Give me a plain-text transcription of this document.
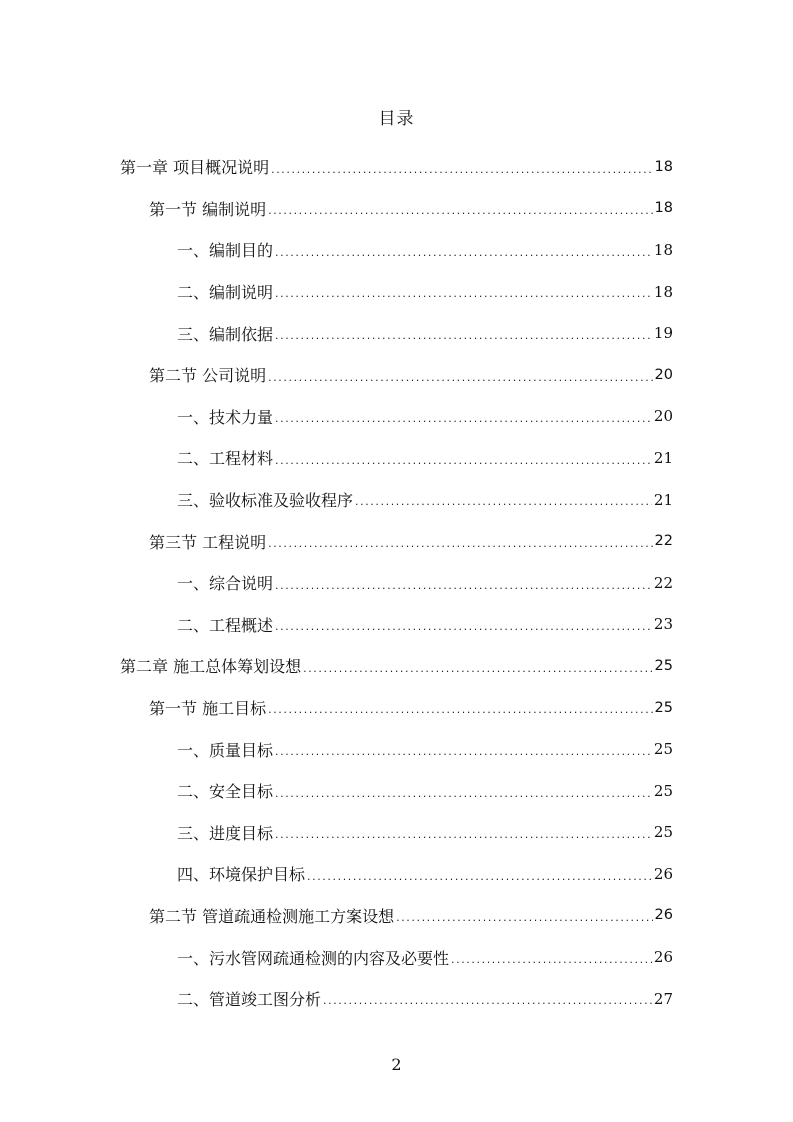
目录
第一章 项目概况说明 .....	18
第一节 编制说明 .....	18
一、编制目的 .....	18
二、编制说明 .....	18
三、编制依据 .....	19
第二节 公司说明 .....	20
一、技术力量 .....	20
二、工程材料 .....	21
三、验收标准及验收程序 .....	21
第三节 工程说明 .....	22
一、综合说明 .....	22
二、工程概述 .....	23
第二章 施工总体筹划设想 .....	25
第一节 施工目标 .....	25
一、质量目标 .....	25
二、安全目标 .....	25
三、进度目标 .....	25
四、环境保护目标 .....	26
第二节 管道疏通检测施工方案设想 .....	26
一、污水管网疏通检测的内容及必要性 .....	26
二、管道竣工图分析 .....	27
2
